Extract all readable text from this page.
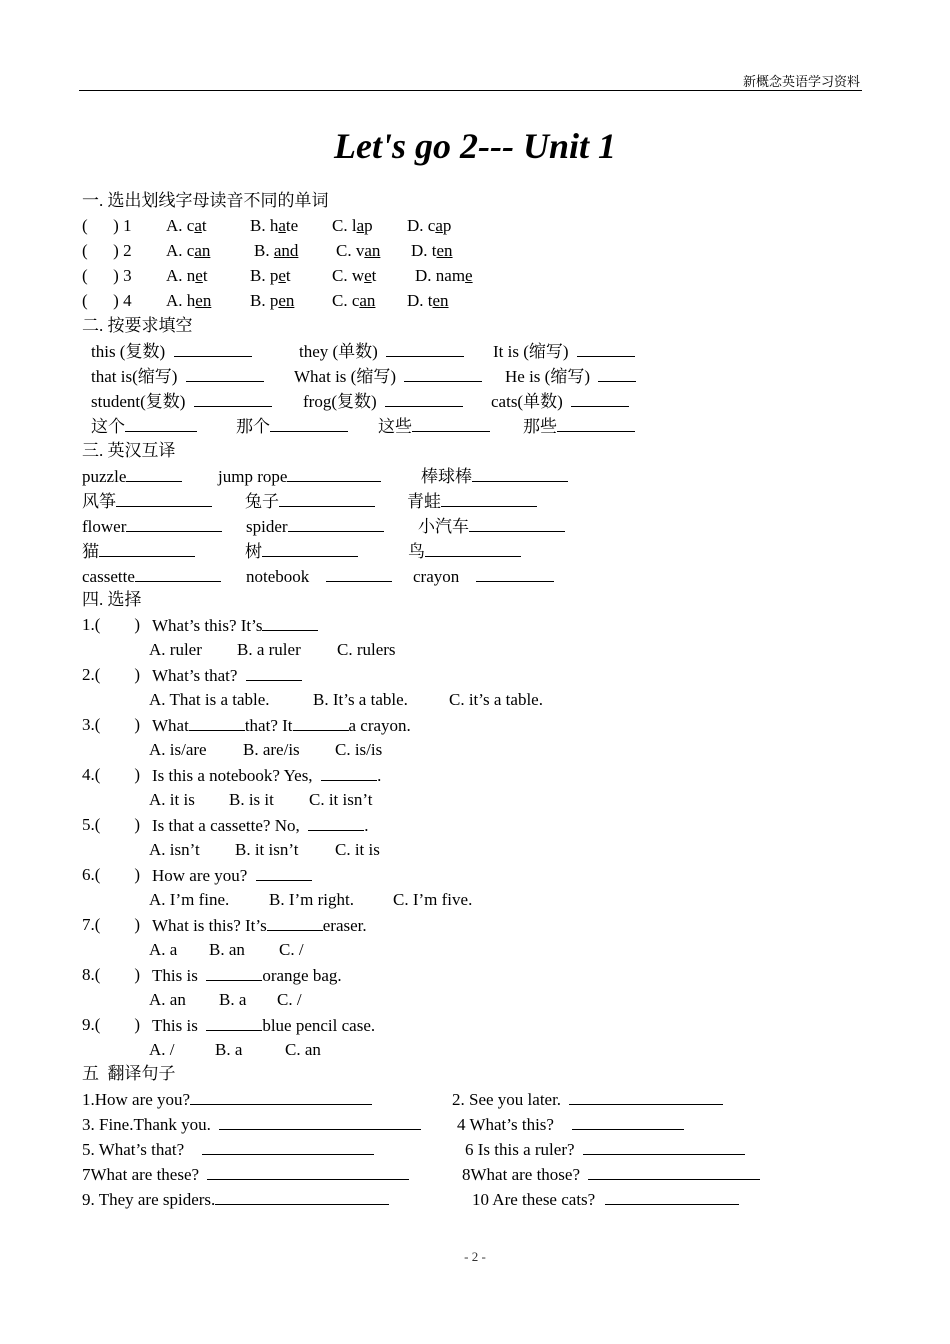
新概念英语学习资料
Let's go 2--- Unit 1
一. 选出划线字母读音不同的单词
(      ) 1 A. cat	B. hate C. lap D. cap
(      ) 2 A. can	B. and C. van D. ten
(      ) 3 A. net B. pet C. wet D. name
(      ) 4 A. hen B. pen C. can D. ten
二. 按要求填空
this (复数)	they (单数)	It is (缩写)
that is(缩写)	What is (缩写)	He is (缩写)
student(复数)	frog(复数)	cats(单数)
这个	那个	这些	那些
三. 英汉互译
puzzle	jump rope	棒球棒
风筝	兔子	青蛙
flower	spider	小汽车
猫	树	鸟
cassette	notebook	crayon
四. 选择
1.(        ) What’s this? It’s
A. ruler B. a ruler C. rulers
2.(        ) What’s that?
A. That is a table.	B. It’s a table. C. it’s a table.
3.(        ) What	that? It	a crayon.
A. is/are B. are/is C. is/is
4.(        ) Is this a notebook? Yes,	.
A. it is B. is it C. it isn’t
5.(        ) Is that a cassette? No,	.
A. isn’t B. it isn’t C. it is
6.(        ) How are you?
A. I’m fine. B. I’m right. C. I’m five.
7.(        ) What is this? It’s	eraser.
A. a B. an C. /
8.(        ) This is	orange bag.
A. an B. a C. /
9.(        ) This is	blue pencil case.
A. / B. a	C. an
五  翻译句子
1.How are you?	2. See you later.
3. Fine.Thank you.	4 What’s this?
5. What’s that?	6 Is this a ruler?
7What are these?	8What are those?
9. They are spiders.	10 Are these cats?
- 2 -
